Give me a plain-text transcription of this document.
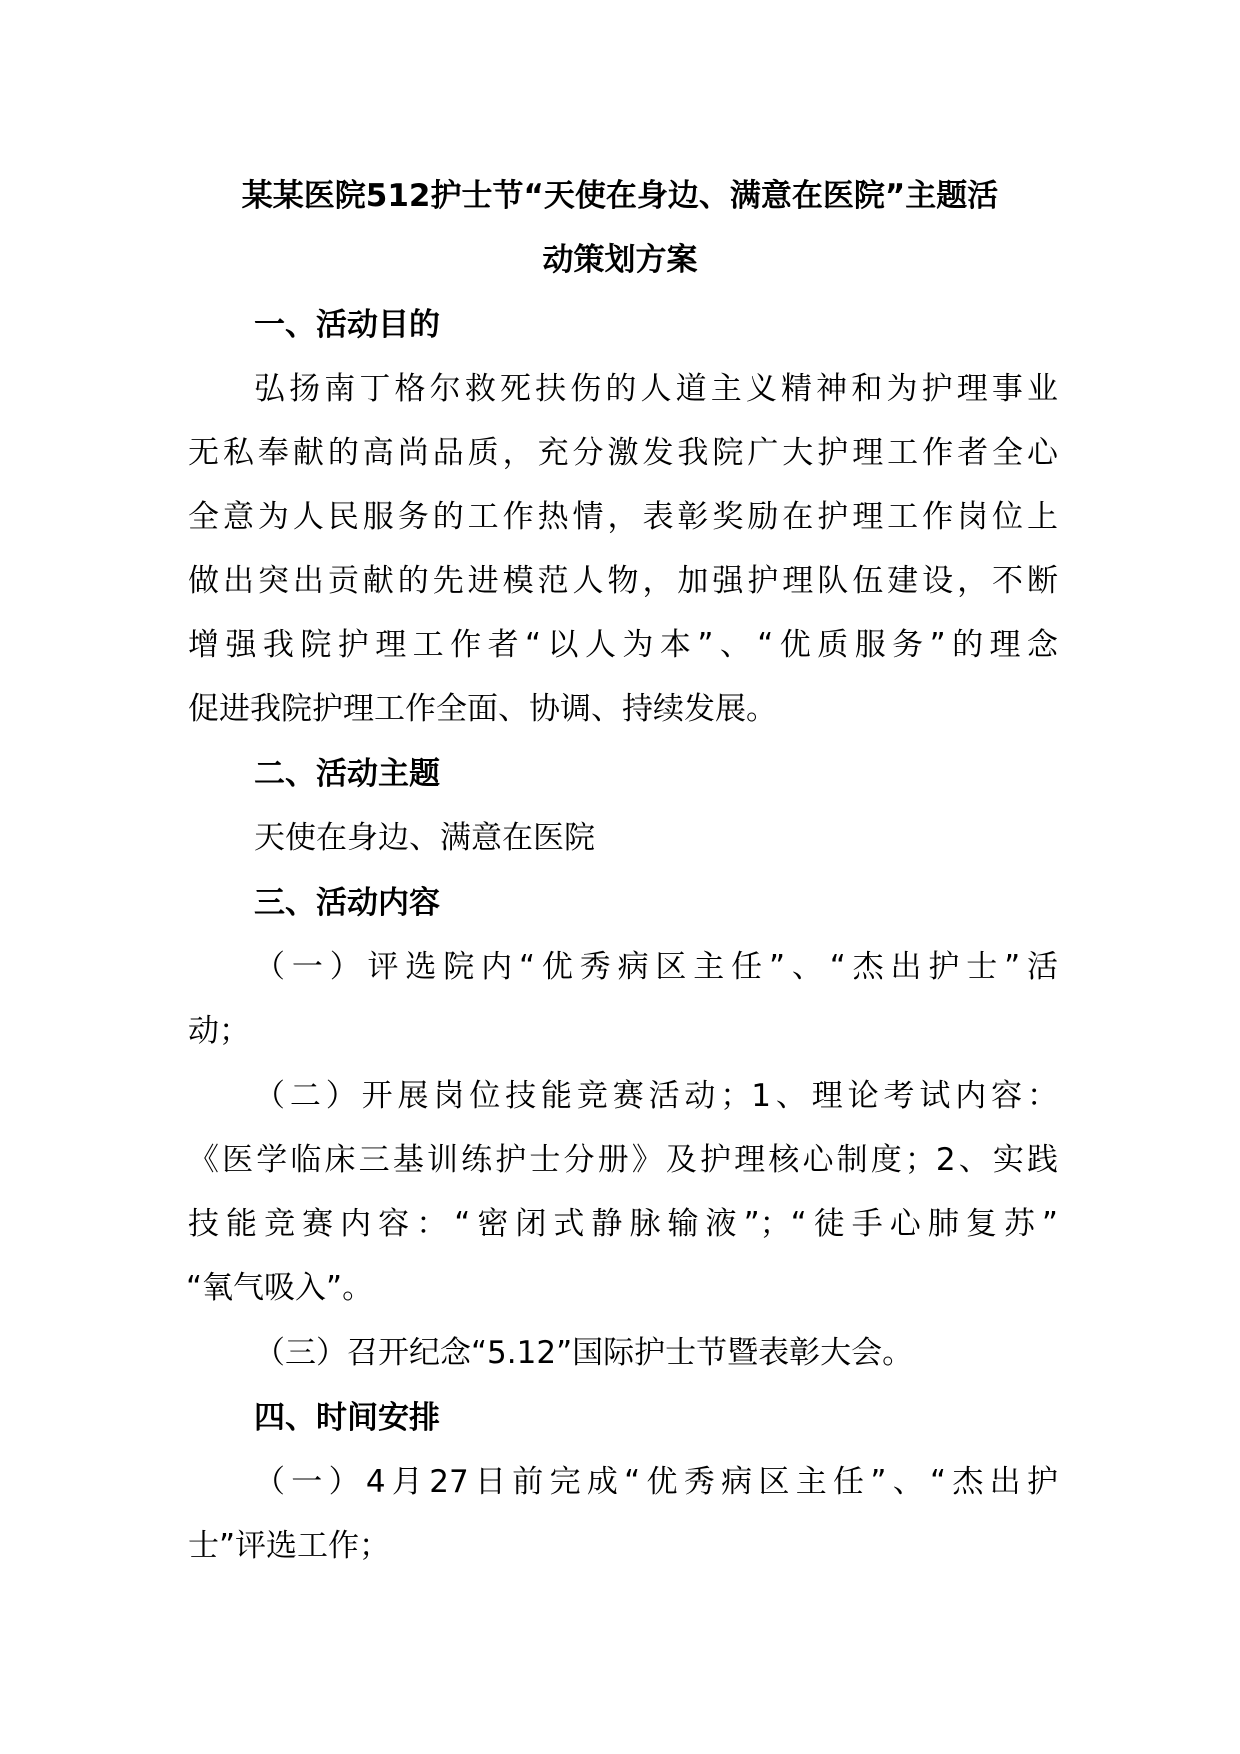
某某医院512护士节“天使在身边、满意在医院”主题活
动策划方案
一、活动目的
弘扬南丁格尔救死扶伤的人道主义精神和为护理事业
无私奉献的高尚品质，充分激发我院广大护理工作者全心
全意为人民服务的工作热情，表彰奖励在护理工作岗位上
做出突出贡献的先进模范人物，加强护理队伍建设，不断
增强我院护理工作者“以人为本”、“优质服务”的理念
促进我院护理工作全面、协调、持续发展。
二、活动主题
天使在身边、满意在医院
三、活动内容
（一）评选院内“优秀病区主任”、“杰出护士”活
动；
（二）开展岗位技能竞赛活动；1、理论考试内容：
《医学临床三基训练护士分册》及护理核心制度；2、实践
技能竞赛内容：“密闭式静脉输液”；“徒手心肺复苏”
“氧气吸入”。
（三）召开纪念“5.12”国际护士节暨表彰大会。
四、时间安排
（一）4月27日前完成“优秀病区主任”、“杰出护
士”评选工作；
